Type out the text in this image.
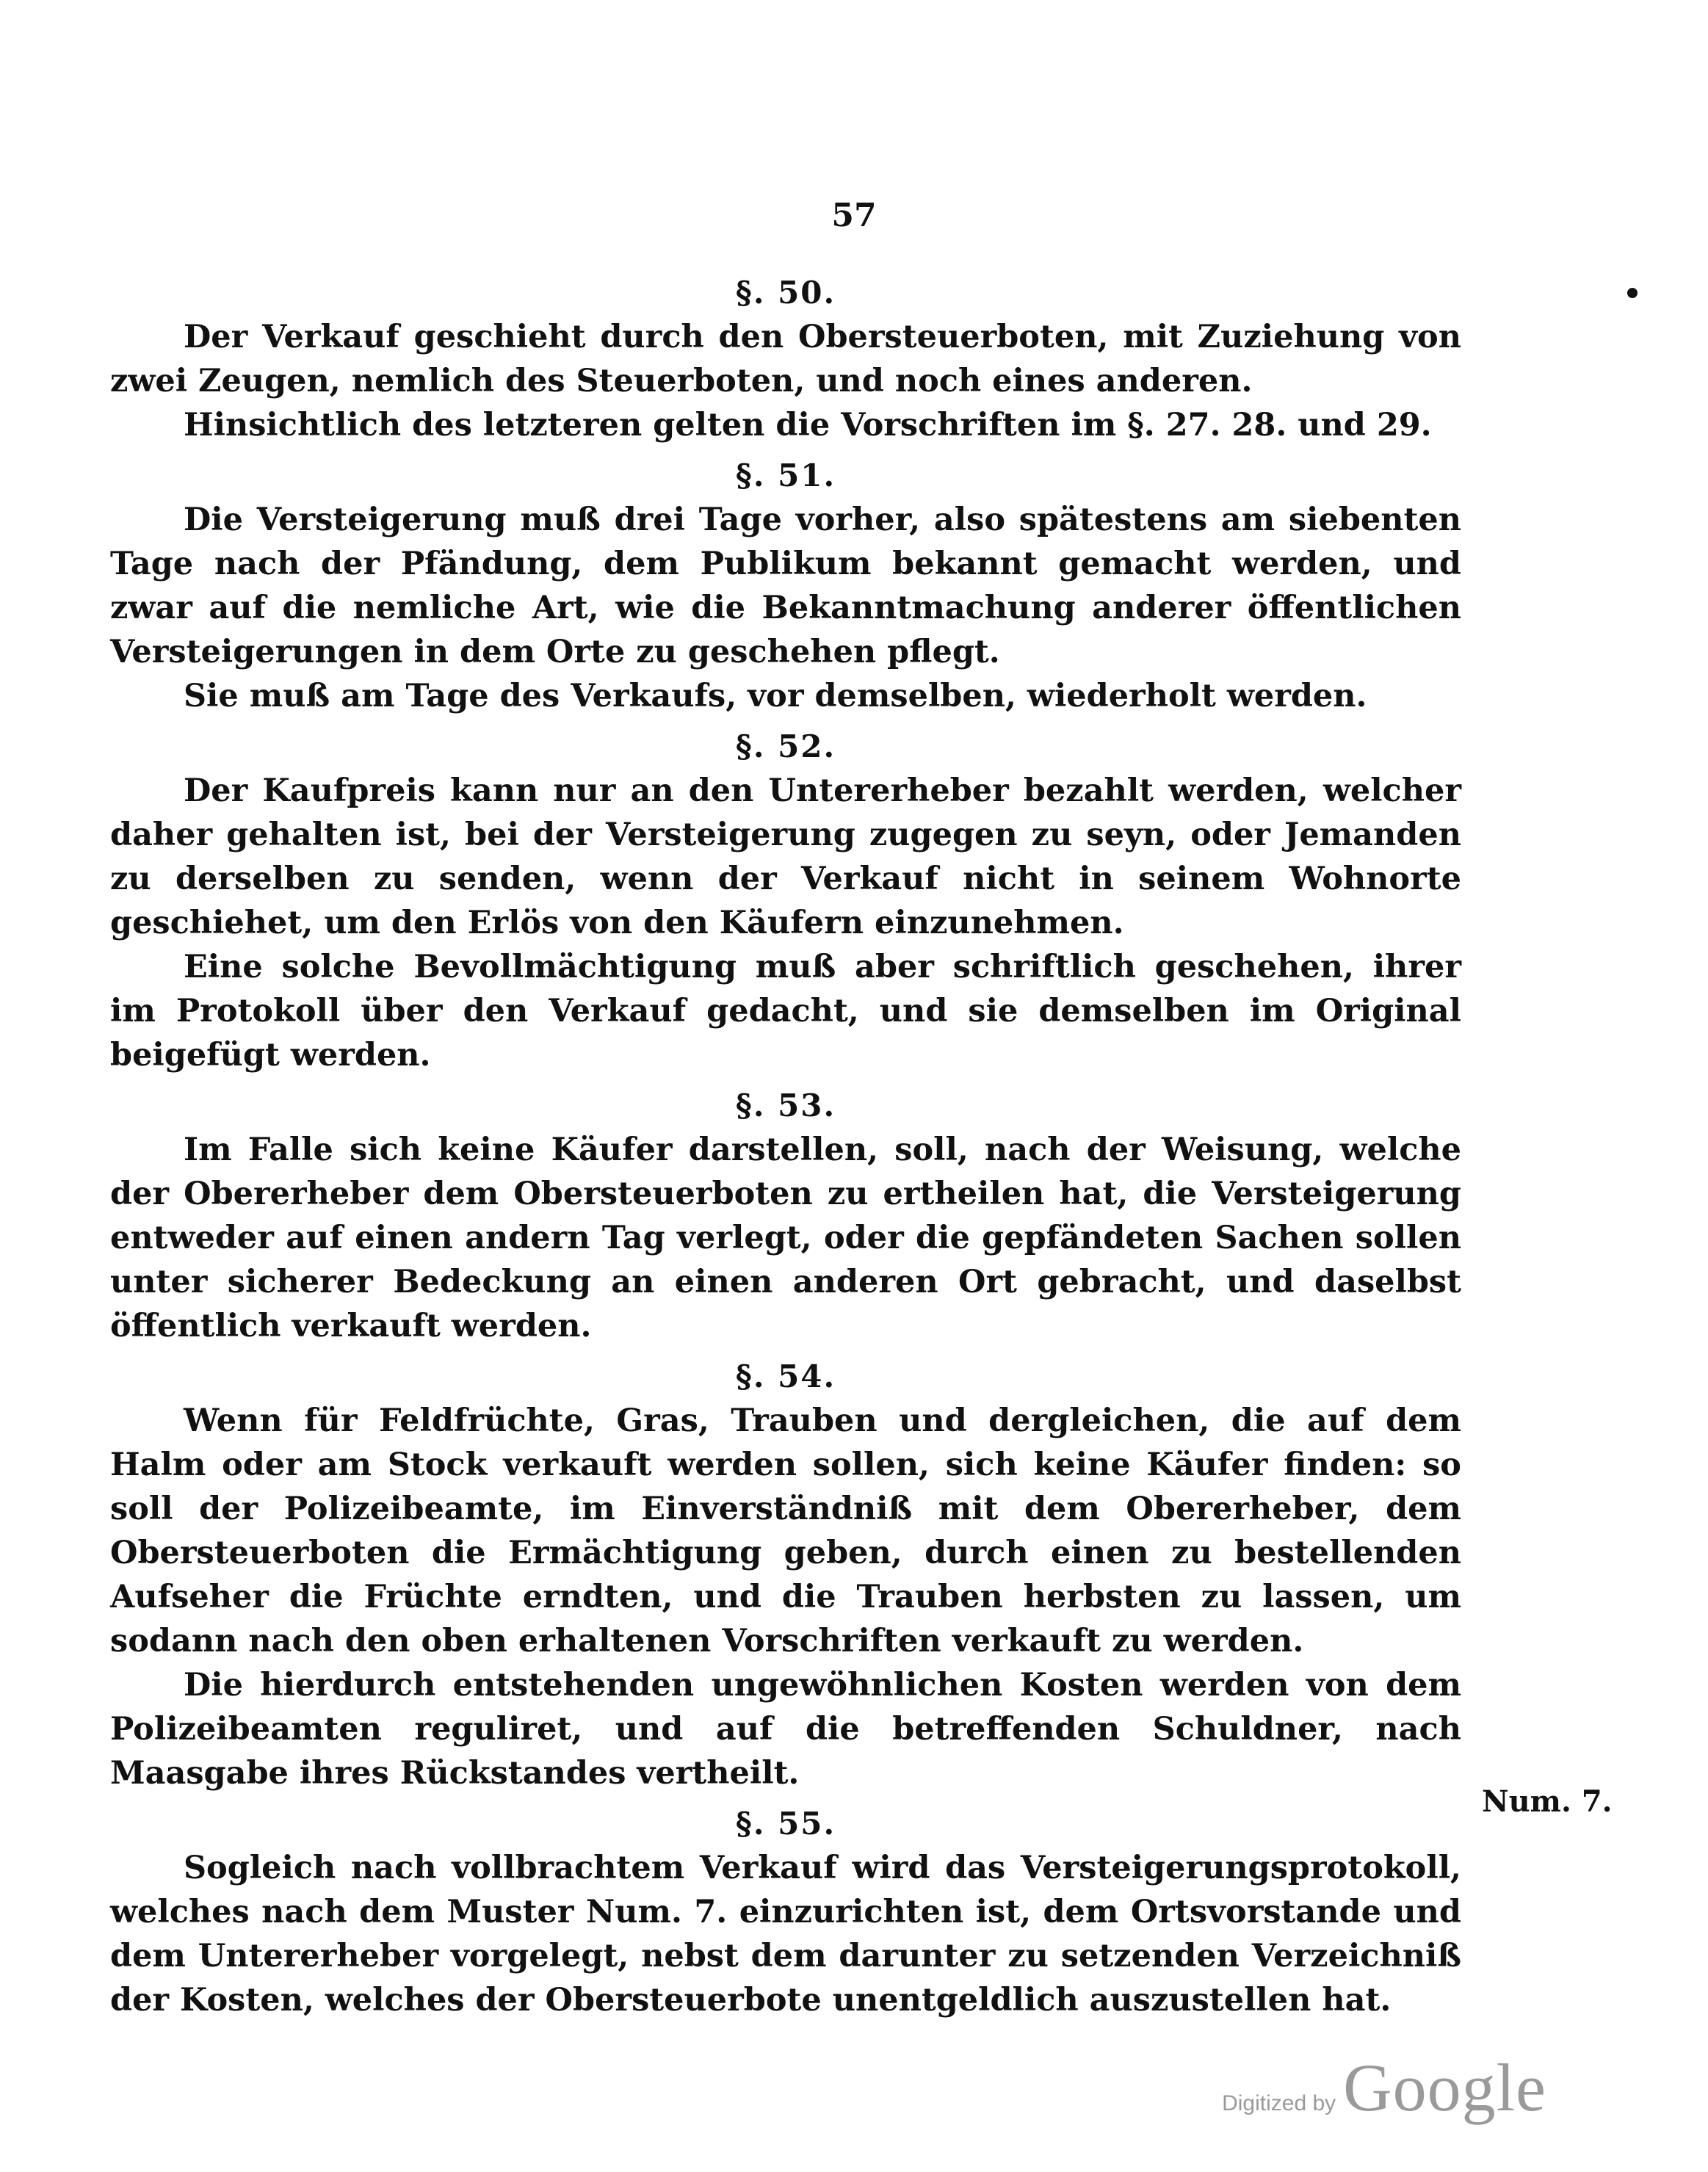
57
§. 50.

Der Verkauf geschieht durch den Obersteuerboten, mit Zuziehung von zwei Zeugen, nemlich des Steuerboten, und noch eines anderen.

Hinsichtlich des letzteren gelten die Vorschriften im §. 27. 28. und 29.

§. 51.

Die Versteigerung muß drei Tage vorher, also spätestens am siebenten Tage nach der Pfändung, dem Publikum bekannt gemacht werden, und zwar auf die nemliche Art, wie die Bekanntmachung anderer öffentlichen Versteigerungen in dem Orte zu geschehen pflegt.

Sie muß am Tage des Verkaufs, vor demselben, wiederholt werden.

§. 52.

Der Kaufpreis kann nur an den Untererheber bezahlt werden, welcher daher gehalten ist, bei der Versteigerung zugegen zu seyn, oder Jemanden zu derselben zu senden, wenn der Verkauf nicht in seinem Wohnorte geschiehet, um den Erlös von den Käufern einzunehmen.

Eine solche Bevollmächtigung muß aber schriftlich geschehen, ihrer im Protokoll über den Verkauf gedacht, und sie demselben im Original beigefügt werden.

§. 53.

Im Falle sich keine Käufer darstellen, soll, nach der Weisung, welche der Obererheber dem Obersteuerboten zu ertheilen hat, die Versteigerung entweder auf einen andern Tag verlegt, oder die gepfändeten Sachen sollen unter sicherer Bedeckung an einen anderen Ort gebracht, und daselbst öffentlich verkauft werden.

§. 54.

Wenn für Feldfrüchte, Gras, Trauben und dergleichen, die auf dem Halm oder am Stock verkauft werden sollen, sich keine Käufer finden: so soll der Polizeibeamte, im Einverständniß mit dem Obererheber, dem Obersteuerboten die Ermächtigung geben, durch einen zu bestellenden Aufseher die Früchte erndten, und die Trauben herbsten zu lassen, um sodann nach den oben erhaltenen Vorschriften verkauft zu werden.

Die hierdurch entstehenden ungewöhnlichen Kosten werden von dem Polizeibeamten reguliret, und auf die betreffenden Schuldner, nach Maasgabe ihres Rückstandes vertheilt.

§. 55.

Sogleich nach vollbrachtem Verkauf wird das Versteigerungsprotokoll, welches nach dem Muster Num. 7. einzurichten ist, dem Ortsvorstande und dem Untererheber vorgelegt, nebst dem darunter zu setzenden Verzeichniß der Kosten, welches der Obersteuerbote unentgeldlich auszustellen hat.

Num. 7.
Digitized by Google
